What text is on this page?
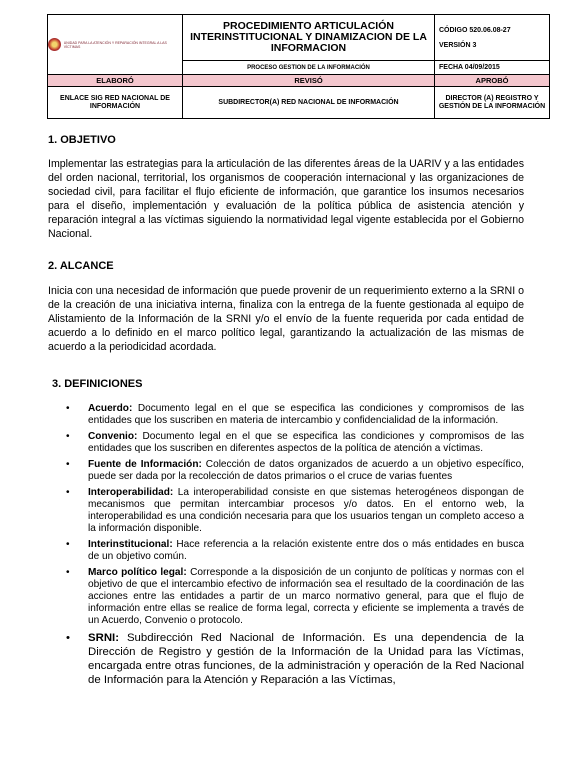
UNIDAD PARA LA ATENCIÓN Y REPARACIÓN INTEGRAL A LAS VÍCTIMAS	PROCEDIMIENTO ARTICULACIÓN INTERINSTITUCIONAL Y DINAMIZACION DE LA INFORMACION	CÓDIGO 520.06.08-27
VERSIÓN 3

	PROCESO GESTION DE LA INFORMACIÓN	FECHA 04/09/2015
ELABORÓ	REVISÓ	APROBÓ
ENLACE SIG RED NACIONAL DE INFORMACIÓN	SUBDIRECTOR(A) RED NACIONAL DE INFORMACIÓN	DIRECTOR (A) REGISTRO Y GESTIÓN DE LA INFORMACIÓN
1. OBJETIVO
Implementar las estrategias para la articulación de las diferentes áreas de la UARIV y a las entidades del orden nacional, territorial, los organismos de cooperación internacional y las organizaciones de sociedad civil, para facilitar el flujo eficiente de información, que garantice los insumos necesarios para el diseño, implementación y evaluación de la política pública de asistencia atención y reparación integral a las víctimas siguiendo la normatividad legal vigente establecida por el Gobierno Nacional.
2. ALCANCE
Inicia con una necesidad de información que puede provenir de un requerimiento externo a la SRNI o de la creación de una iniciativa interna, finaliza con la entrega de la fuente gestionada al equipo de Alistamiento de la Información de la SRNI y/o el envío de la fuente requerida por cada entidad de acuerdo a lo definido en el marco político legal, garantizando la actualización de las mismas de acuerdo a la periodicidad acordada.
3. DEFINICIONES
• Acuerdo: Documento legal en el que se especifica las condiciones y compromisos de las entidades que los suscriben en materia de intercambio y confidencialidad de la información.
• Convenio: Documento legal en el que se especifica las condiciones y compromisos de las entidades que los suscriben en diferentes aspectos de la política de atención a víctimas.
• Fuente de Información: Colección de datos organizados de acuerdo a un objetivo específico, puede ser dada por la recolección de datos primarios o el cruce de varias fuentes
• Interoperabilidad: La interoperabilidad consiste en que sistemas heterogéneos dispongan de mecanismos que permitan intercambiar procesos y/o datos. En el entorno web, la interoperabilidad es una condición necesaria para que los usuarios tengan un completo acceso a la información disponible.
• Interinstitucional: Hace referencia a la relación existente entre dos o más entidades en busca de un objetivo común.
• Marco político legal: Corresponde a la disposición de un conjunto de políticas y normas con el objetivo de que el intercambio efectivo de información sea el resultado de la coordinación de las acciones entre las entidades a partir de un marco normativo general, para que el flujo de información entre ellas se realice de forma legal, correcta y eficiente se implementa a través de un Acuerdo, Convenio o protocolo.
• SRNI: Subdirección Red Nacional de Información. Es una dependencia de la Dirección de Registro y gestión de la Información de la Unidad para las Víctimas, encargada entre otras funciones, de la administración y operación de la Red Nacional de Información para la Atención y Reparación a las Víctimas,
